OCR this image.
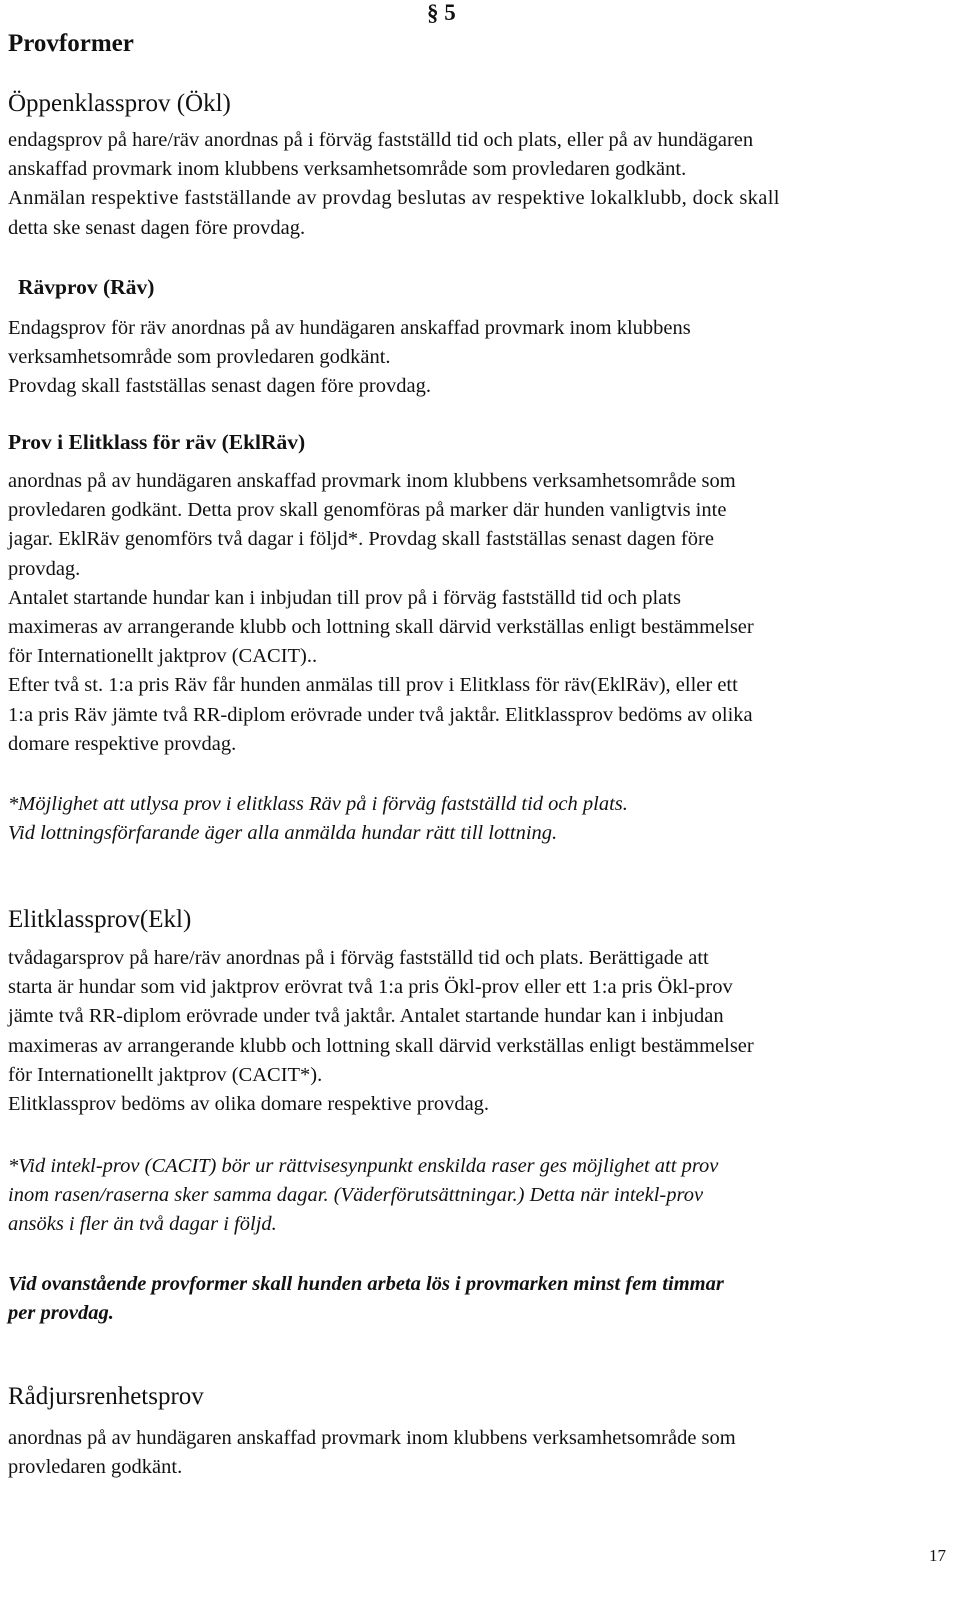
§ 5
Provformer
Öppenklassprov (Ökl)
endagsprov på hare/räv anordnas på i förväg fastställd tid och plats, eller på av hundägaren
anskaffad provmark inom klubbens verksamhetsområde som provledaren godkänt.
Anmälan respektive fastställande av provdag beslutas av respektive lokalklubb, dock skall
detta ske senast dagen före provdag.
Rävprov (Räv)
Endagsprov för räv anordnas på av hundägaren anskaffad provmark inom klubbens
verksamhetsområde som provledaren godkänt.
Provdag skall fastställas senast dagen före provdag.
Prov i Elitklass för räv (EklRäv)
anordnas på av hundägaren anskaffad provmark inom klubbens verksamhetsområde som
provledaren godkänt. Detta prov skall genomföras på marker där hunden vanligtvis inte
jagar. EklRäv genomförs två dagar i följd*. Provdag skall fastställas senast dagen före
provdag.
Antalet startande hundar kan i inbjudan till prov på i förväg fastställd tid och plats
maximeras av arrangerande klubb och lottning skall därvid verkställas enligt bestämmelser
för Internationellt jaktprov (CACIT)..
Efter två st. 1:a pris Räv får hunden anmälas till prov i Elitklass för räv(EklRäv), eller ett
1:a pris Räv jämte två RR-diplom erövrade under två jaktår. Elitklassprov bedöms av olika
domare respektive provdag.
*Möjlighet att utlysa prov i elitklass Räv på i förväg fastställd tid och plats.
Vid lottningsförfarande äger alla anmälda hundar rätt till lottning.
Elitklassprov(Ekl)
tvådagarsprov på hare/räv anordnas på i förväg fastställd tid och plats. Berättigade att
starta är hundar som vid jaktprov erövrat två 1:a pris Ökl-prov eller ett 1:a pris Ökl-prov
jämte två RR-diplom erövrade under två jaktår. Antalet startande hundar kan i inbjudan
maximeras av arrangerande klubb och lottning skall därvid verkställas enligt bestämmelser
för Internationellt jaktprov (CACIT*).
Elitklassprov bedöms av olika domare respektive provdag.
*Vid intekl-prov (CACIT) bör ur rättvisesynpunkt enskilda raser ges möjlighet att prov
inom rasen/raserna sker samma dagar. (Väderförutsättningar.) Detta när intekl-prov
ansöks i fler än två dagar i följd.
Vid ovanstående provformer skall hunden arbeta lös i provmarken minst fem timmar
per provdag.
Rådjursrenhetsprov
anordnas på av hundägaren anskaffad provmark inom klubbens verksamhetsområde som
provledaren godkänt.
17
